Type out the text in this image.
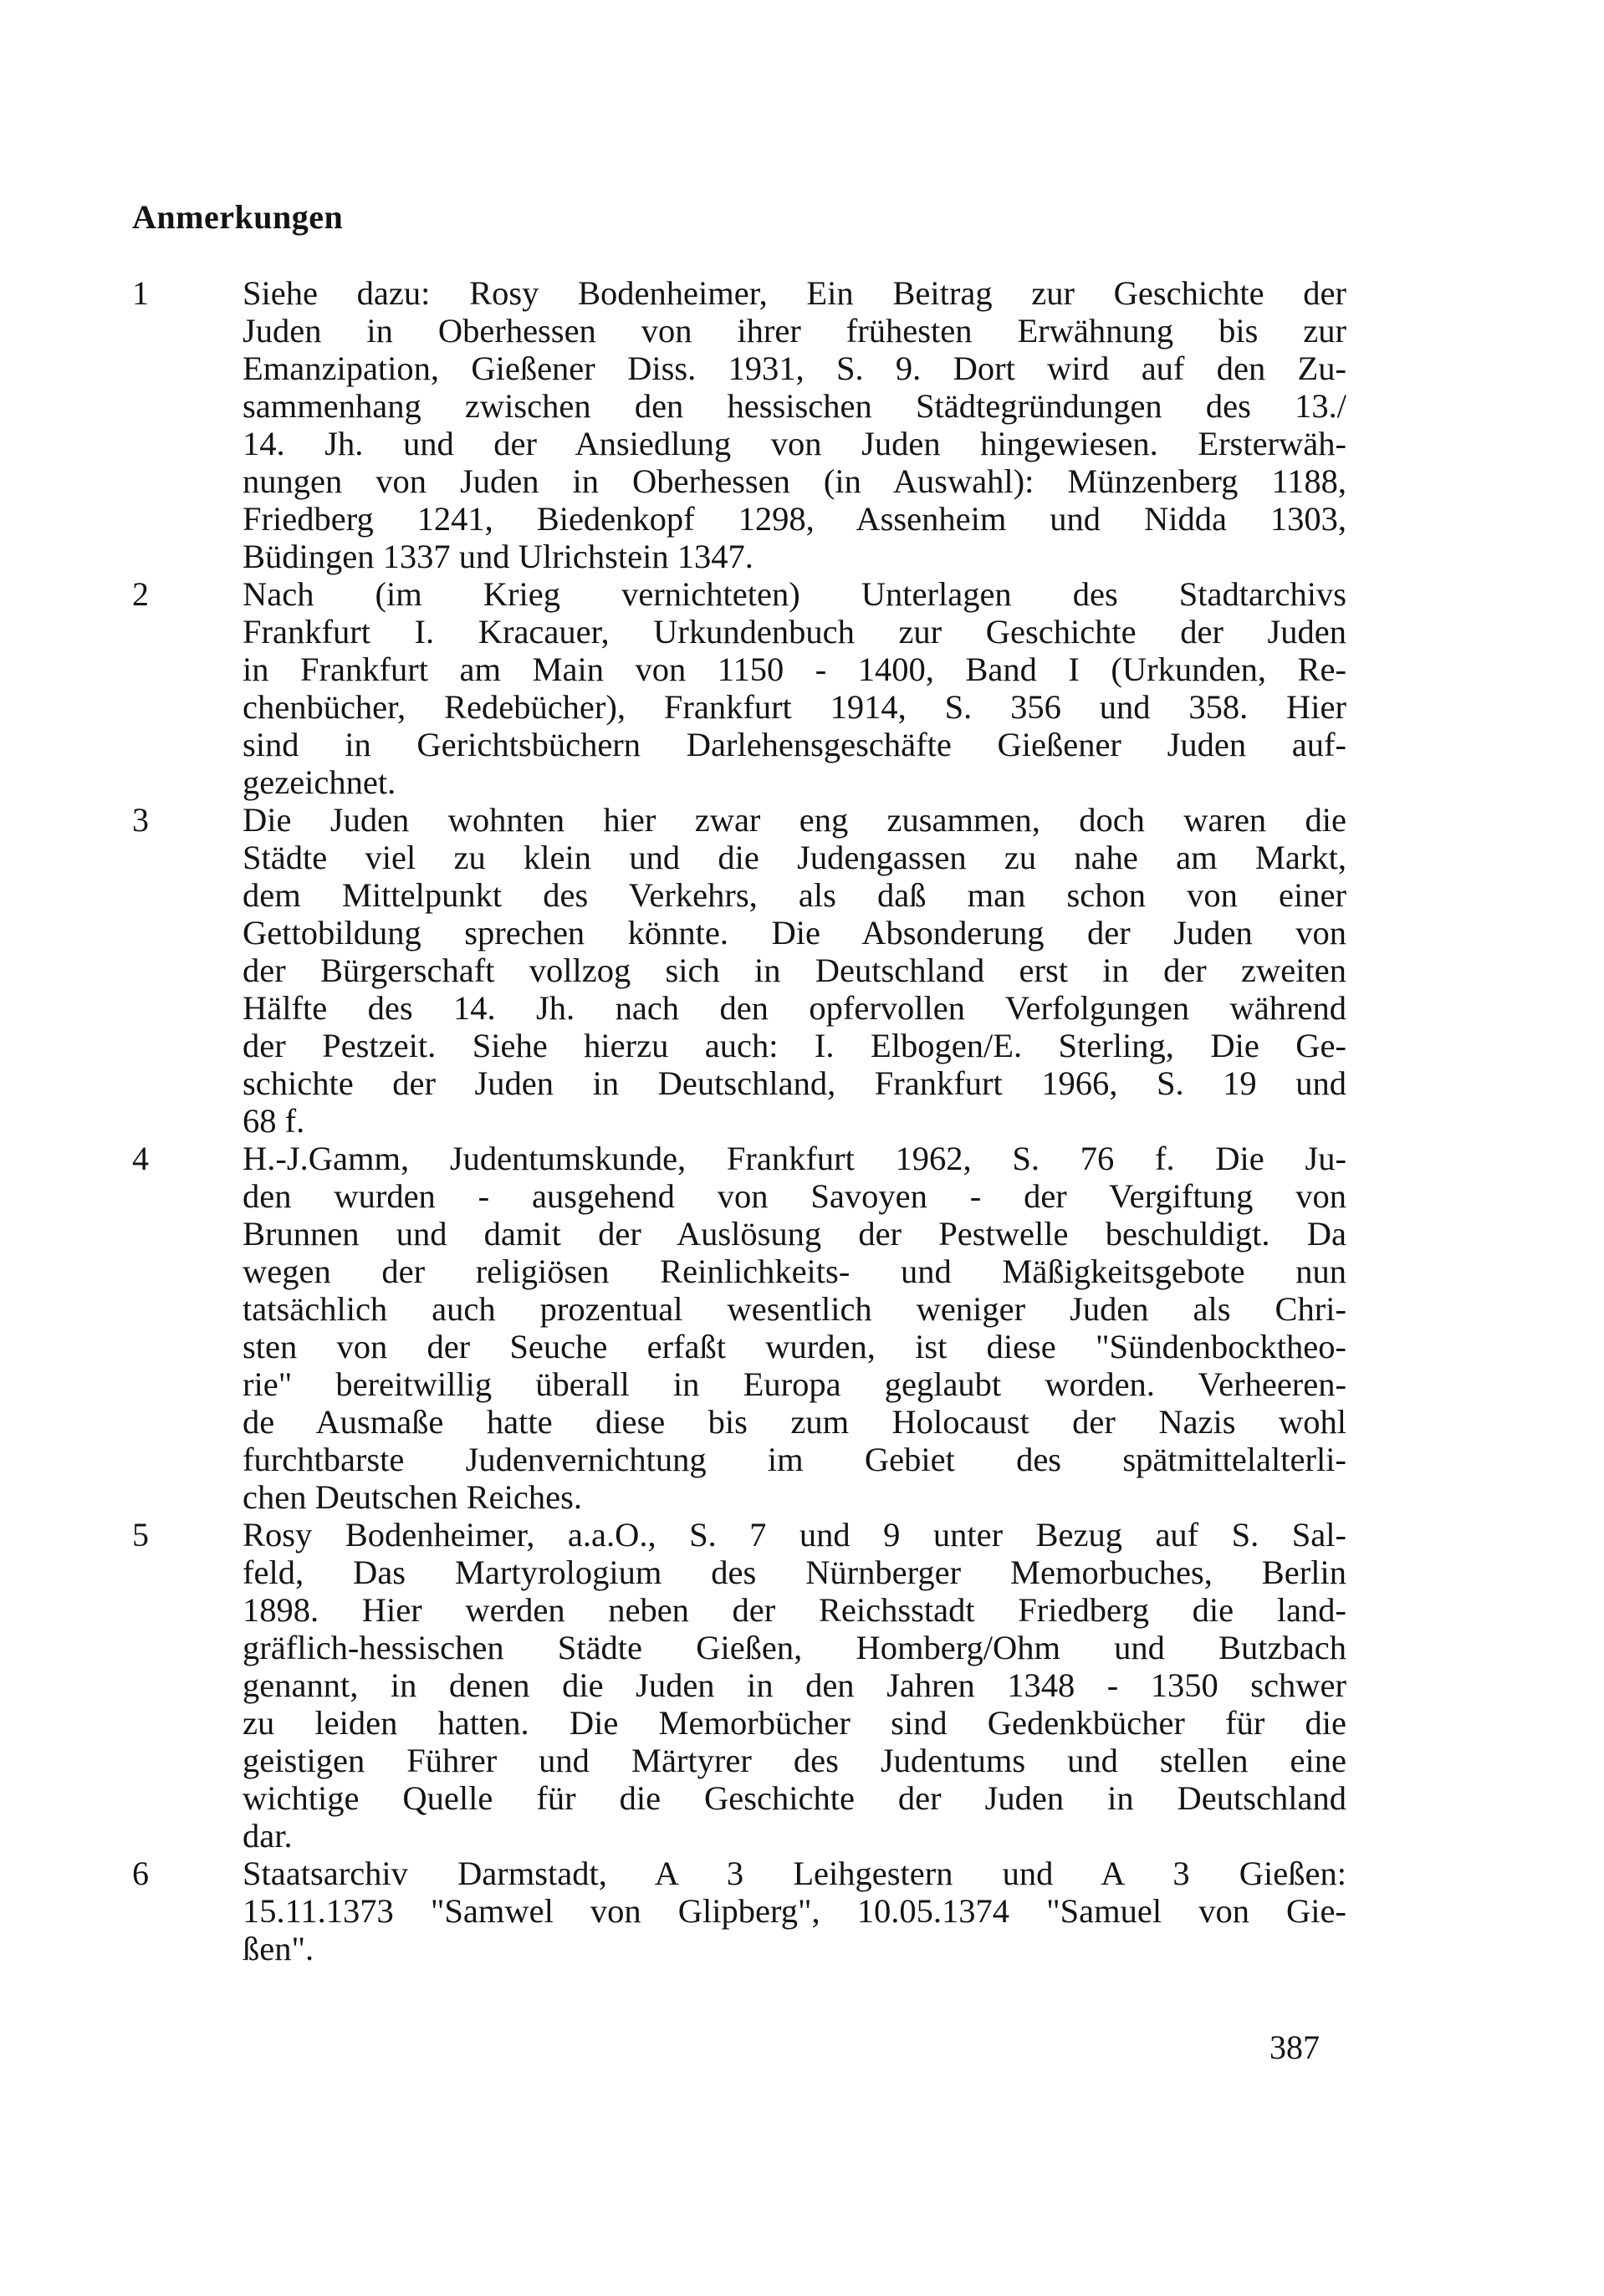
Anmerkungen
1	Siehe dazu: Rosy Bodenheimer, Ein Beitrag zur Geschichte der
Juden in Oberhessen von ihrer frühesten Erwähnung bis zur
Emanzipation, Gießener Diss. 1931, S. 9. Dort wird auf den Zu-
sammenhang zwischen den hessischen Städtegründungen des 13./
14. Jh. und der Ansiedlung von Juden hingewiesen. Ersterwäh-
nungen von Juden in Oberhessen (in Auswahl): Münzenberg 1188,
Friedberg 1241, Biedenkopf 1298, Assenheim und Nidda 1303,
Büdingen 1337 und Ulrichstein 1347.
2	Nach (im Krieg vernichteten) Unterlagen des Stadtarchivs
Frankfurt I. Kracauer, Urkundenbuch zur Geschichte der Juden
in Frankfurt am Main von 1150 - 1400, Band I (Urkunden, Re-
chenbücher, Redebücher), Frankfurt 1914, S. 356 und 358. Hier
sind in Gerichtsbüchern Darlehensgeschäfte Gießener Juden auf-
gezeichnet.
3	Die Juden wohnten hier zwar eng zusammen, doch waren die
Städte viel zu klein und die Judengassen zu nahe am Markt,
dem Mittelpunkt des Verkehrs, als daß man schon von einer
Gettobildung sprechen könnte. Die Absonderung der Juden von
der Bürgerschaft vollzog sich in Deutschland erst in der zweiten
Hälfte des 14. Jh. nach den opfervollen Verfolgungen während
der Pestzeit. Siehe hierzu auch: I. Elbogen/E. Sterling, Die Ge-
schichte der Juden in Deutschland, Frankfurt 1966, S. 19 und
68 f.
4	H.-J.Gamm, Judentumskunde, Frankfurt 1962, S. 76 f. Die Ju-
den wurden - ausgehend von Savoyen - der Vergiftung von
Brunnen und damit der Auslösung der Pestwelle beschuldigt. Da
wegen der religiösen Reinlichkeits- und Mäßigkeitsgebote nun
tatsächlich auch prozentual wesentlich weniger Juden als Chri-
sten von der Seuche erfaßt wurden, ist diese "Sündenbocktheo-
rie" bereitwillig überall in Europa geglaubt worden. Verheeren-
de Ausmaße hatte diese bis zum Holocaust der Nazis wohl
furchtbarste Judenvernichtung im Gebiet des spätmittelalterli-
chen Deutschen Reiches.
5	Rosy Bodenheimer, a.a.O., S. 7 und 9 unter Bezug auf S. Sal-
feld, Das Martyrologium des Nürnberger Memorbuches, Berlin
1898. Hier werden neben der Reichsstadt Friedberg die land-
gräflich-hessischen Städte Gießen, Homberg/Ohm und Butzbach
genannt, in denen die Juden in den Jahren 1348 - 1350 schwer
zu leiden hatten. Die Memorbücher sind Gedenkbücher für die
geistigen Führer und Märtyrer des Judentums und stellen eine
wichtige Quelle für die Geschichte der Juden in Deutschland
dar.
6	Staatsarchiv Darmstadt, A 3 Leihgestern und A 3 Gießen:
15.11.1373 "Samwel von Glipberg", 10.05.1374 "Samuel von Gie-
ßen".
387
